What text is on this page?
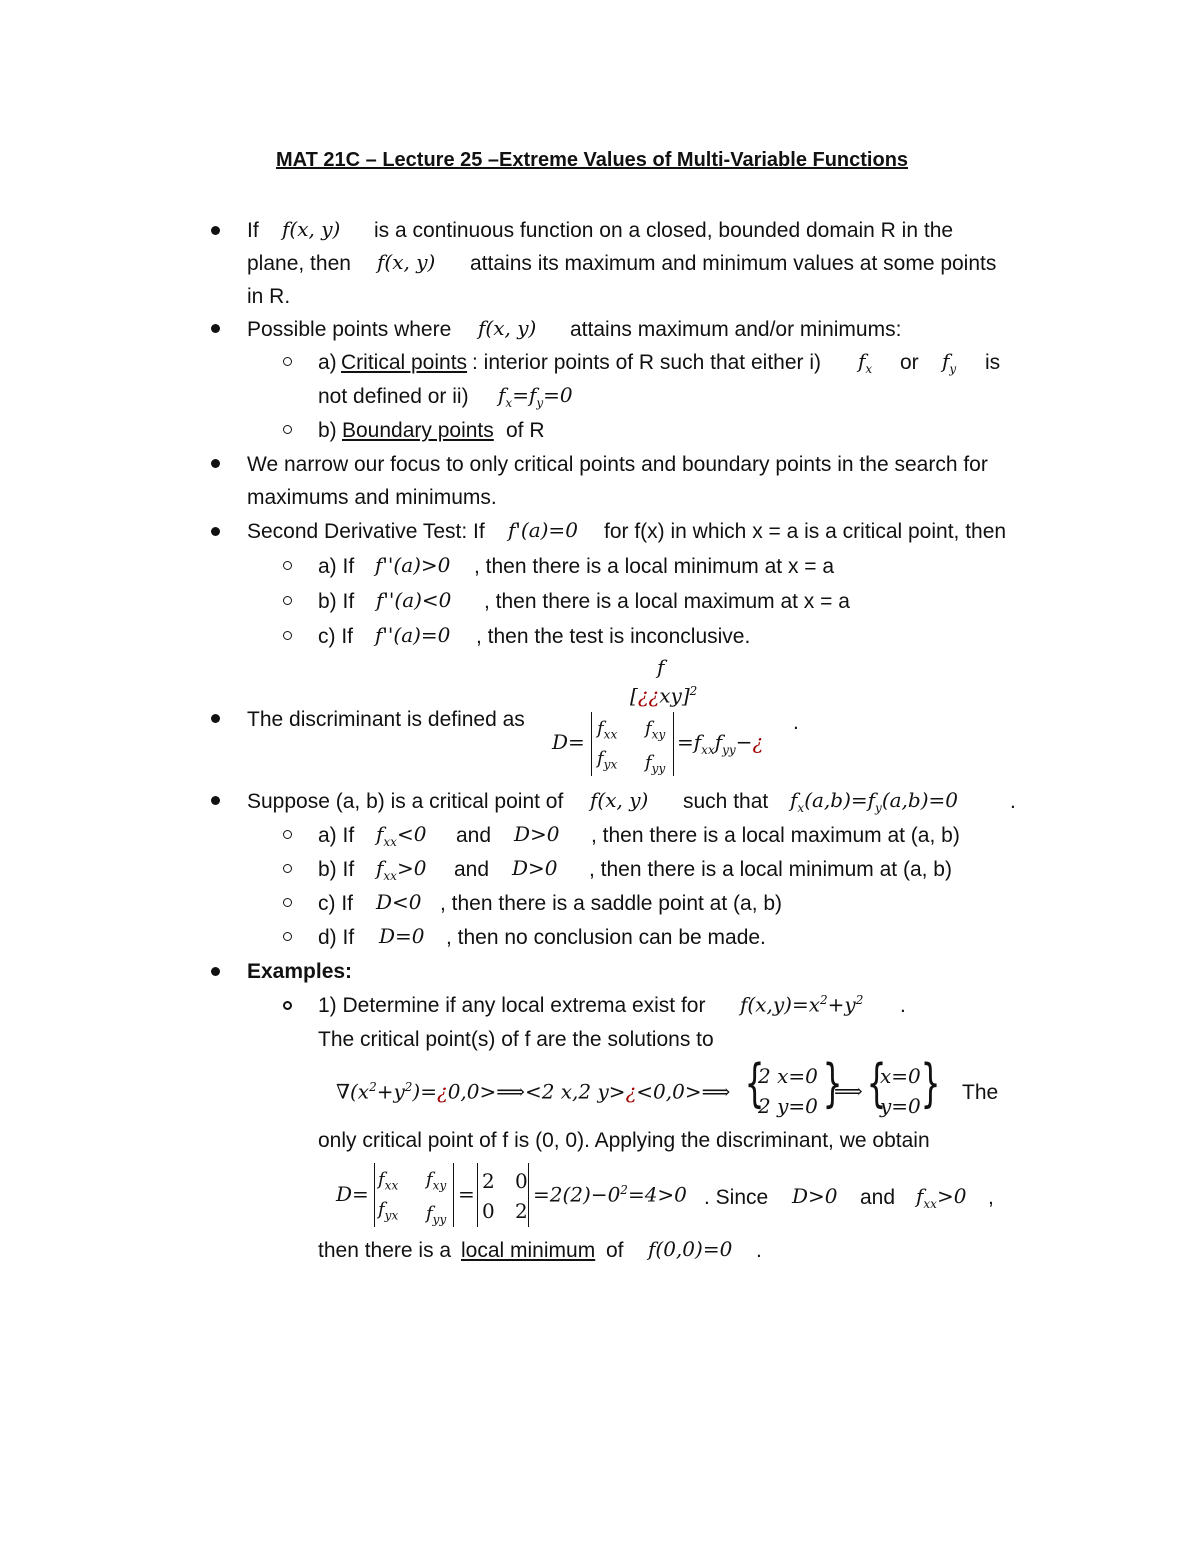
MAT 21C – Lecture 25 –Extreme Values of Multi-Variable Functions
If f(x, y) is a continuous function on a closed, bounded domain R in the
plane, then f(x, y) attains its maximum and minimum values at some points
in R.
Possible points where f(x, y) attains maximum and/or minimums:
a) Critical points : interior points of R such that either i) $f_x$ or $f_y$ is
not defined or ii) $f_x=f_y=0$
b) Boundary points of R
We narrow our focus to only critical points and boundary points in the search for
maximums and minimums.
Second Derivative Test: If f'(a)=0 for f(x) in which x = a is a critical point, then
a) If f''(a)>0 , then there is a local minimum at x = a
b) If f''(a)<0 , then there is a local maximum at x = a
c) If f''(a)=0 , then the test is inconclusive.
The discriminant is defined as
f
[¿¿xy]$^2$
D=
$f_{xx}$ $f_{xy}$
$f_{yx}$ $f_{yy}$
$=f_{xx}f_{yy}-¿$
.
Suppose (a, b) is a critical point of f(x, y) such that $f_x(a,b)=f_y(a,b)=0$ .
a) If $f_{xx}<0$ and D>0 , then there is a local maximum at (a, b)
b) If $f_{xx}>0$ and D>0 , then there is a local minimum at (a, b)
c) If D<0 , then there is a saddle point at (a, b)
d) If D=0 , then no conclusion can be made.
Examples:
1) Determine if any local extrema exist for $f(x,y)=x^2+y^2$ .
The critical point(s) of f are the solutions to
$\nabla(x^2+y^2)=¿0,0>⟹<2$ x,2 y>¿<0,0>⟹ {
2 x=0
2 y=0 }
⟹ {
x=0
y=0 } The
only critical point of f is (0, 0). Applying the discriminant, we obtain
D=
$f_{xx}$ $f_{xy}$
$f_{yx}$ $f_{yy}$
=
2 0
0 2
$=2(2)-0^2=4>0$ . Since D>0 and $f_{xx}>0$ ,
then there is a local minimum of f(0,0)=0 .
